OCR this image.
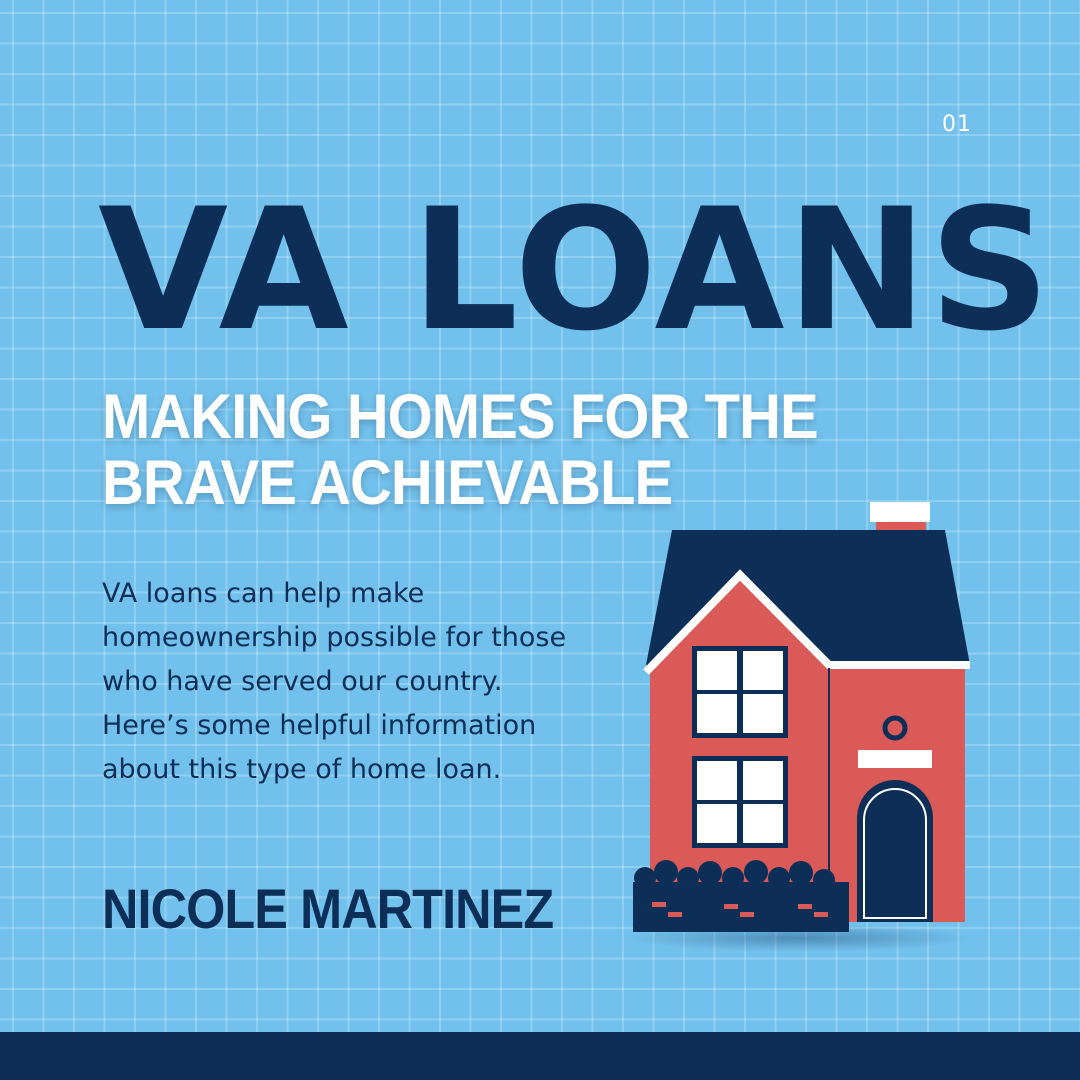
01
VA LOANS
MAKING HOMES FOR THE
BRAVE ACHIEVABLE
VA loans can help make
homeownership possible for those
who have served our country.
Here’s some helpful information
about this type of home loan.
NICOLE MARTINEZ
